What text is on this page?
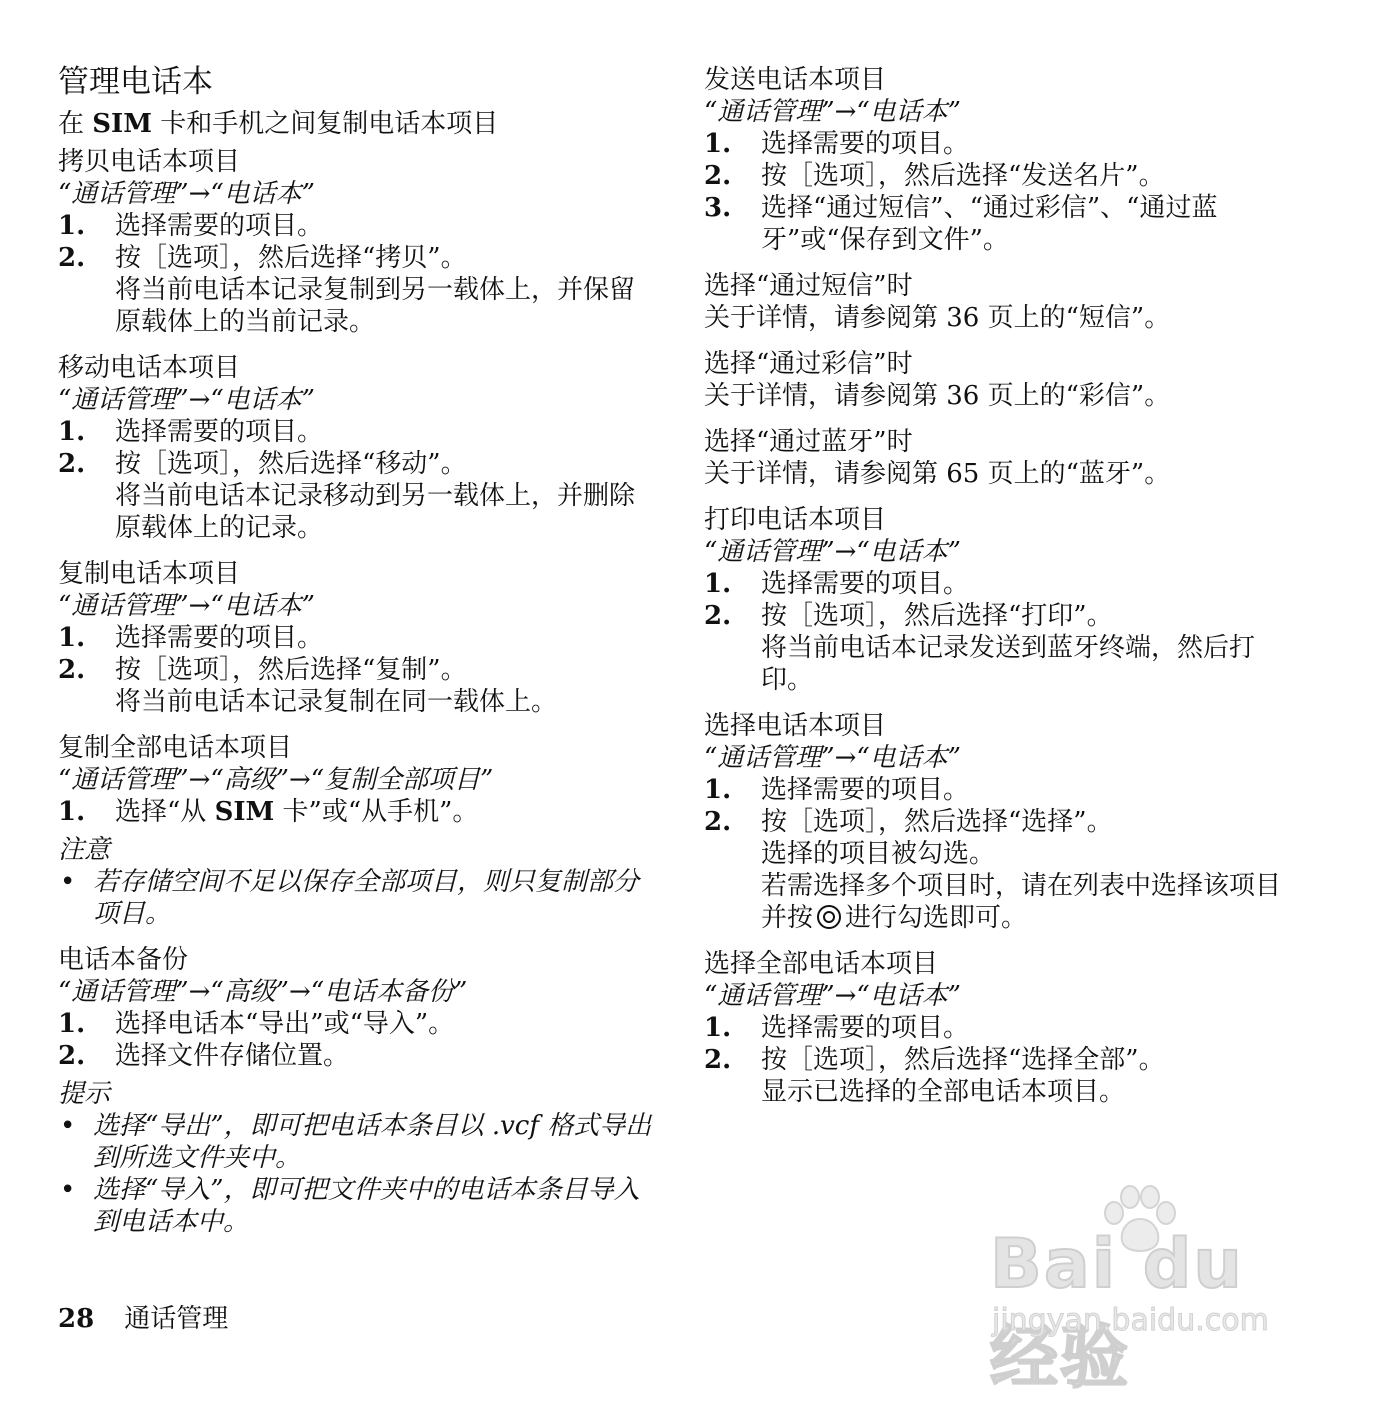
管理电话本
在 SIM 卡和手机之间复制电话本项目
拷贝电话本项目
“通话管理”→“电话本”
1. 选择需要的项目。
2. 按［选项］，然后选择“拷贝”。
将当前电话本记录复制到另一载体上，并保留原载体上的当前记录。
移动电话本项目
“通话管理”→“电话本”
1. 选择需要的项目。
2. 按［选项］，然后选择“移动”。
将当前电话本记录移动到另一载体上，并删除原载体上的记录。
复制电话本项目
“通话管理”→“电话本”
1. 选择需要的项目。
2. 按［选项］，然后选择“复制”。
将当前电话本记录复制在同一载体上。
复制全部电话本项目
“通话管理”→“高级”→“复制全部项目”
1. 选择“从 SIM 卡”或“从手机”。
注意
• 若存储空间不足以保存全部项目，则只复制部分项目。
电话本备份
“通话管理”→“高级”→“电话本备份”
1. 选择电话本“导出”或“导入”。
2. 选择文件存储位置。
提示
• 选择“导出”，即可把电话本条目以 .vcf 格式导出到所选文件夹中。
• 选择“导入”，即可把文件夹中的电话本条目导入到电话本中。
发送电话本项目
“通话管理”→“电话本”
1. 选择需要的项目。
2. 按［选项］，然后选择“发送名片”。
3. 选择“通过短信”、“通过彩信”、“通过蓝牙”或“保存到文件”。
选择“通过短信”时
关于详情，请参阅第 36 页上的“短信”。
选择“通过彩信”时
关于详情，请参阅第 36 页上的“彩信”。
选择“通过蓝牙”时
关于详情，请参阅第 65 页上的“蓝牙”。
打印电话本项目
“通话管理”→“电话本”
1. 选择需要的项目。
2. 按［选项］，然后选择“打印”。
将当前电话本记录发送到蓝牙终端，然后打印。
选择电话本项目
“通话管理”→“电话本”
1. 选择需要的项目。
2. 按［选项］，然后选择“选择”。
选择的项目被勾选。
若需选择多个项目时，请在列表中选择该项目并按 进行勾选即可。
选择全部电话本项目
“通话管理”→“电话本”
1. 选择需要的项目。
2. 按［选项］，然后选择“选择全部”。
显示已选择的全部电话本项目。
28 通话管理
Bai du 经验
jingyan.baidu.com
